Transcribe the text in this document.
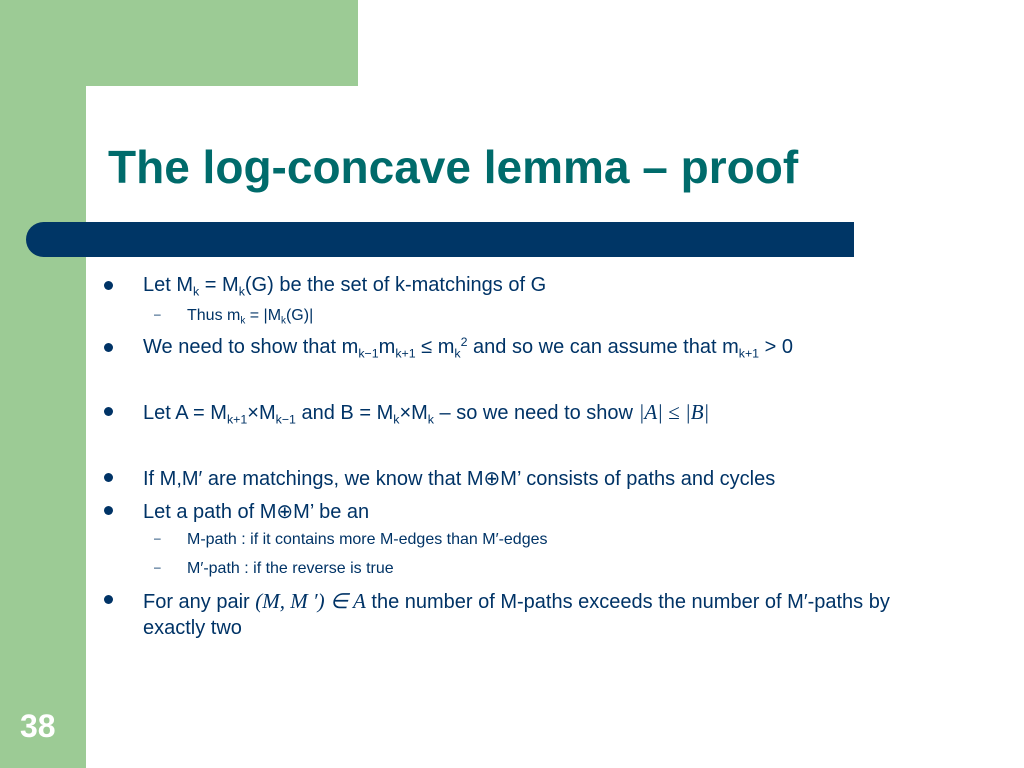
The log-concave lemma – proof
38
Let $M_k = M_k(G)$ be the set of k-matchings of G
– Thus $m_k = |M_k(G)|$
We need to show that $m_{k-1}m_{k+1} \le m_k^2$ and so we can assume that $m_{k+1} > 0$
Let $A = M_{k+1}\times M_{k-1}$ and $B = M_k\times M_k$ – so we need to show |A| ≤ |B|
If M,M′ are matchings, we know that M⊕M’ consists of paths and cycles
Let a path of M⊕M’ be an
– M-path : if it contains more M-edges than M′-edges
– M′-path : if the reverse is true
For any pair (M, M ′) ∈ A the number of M-paths exceeds the number of M′-paths by exactly two
